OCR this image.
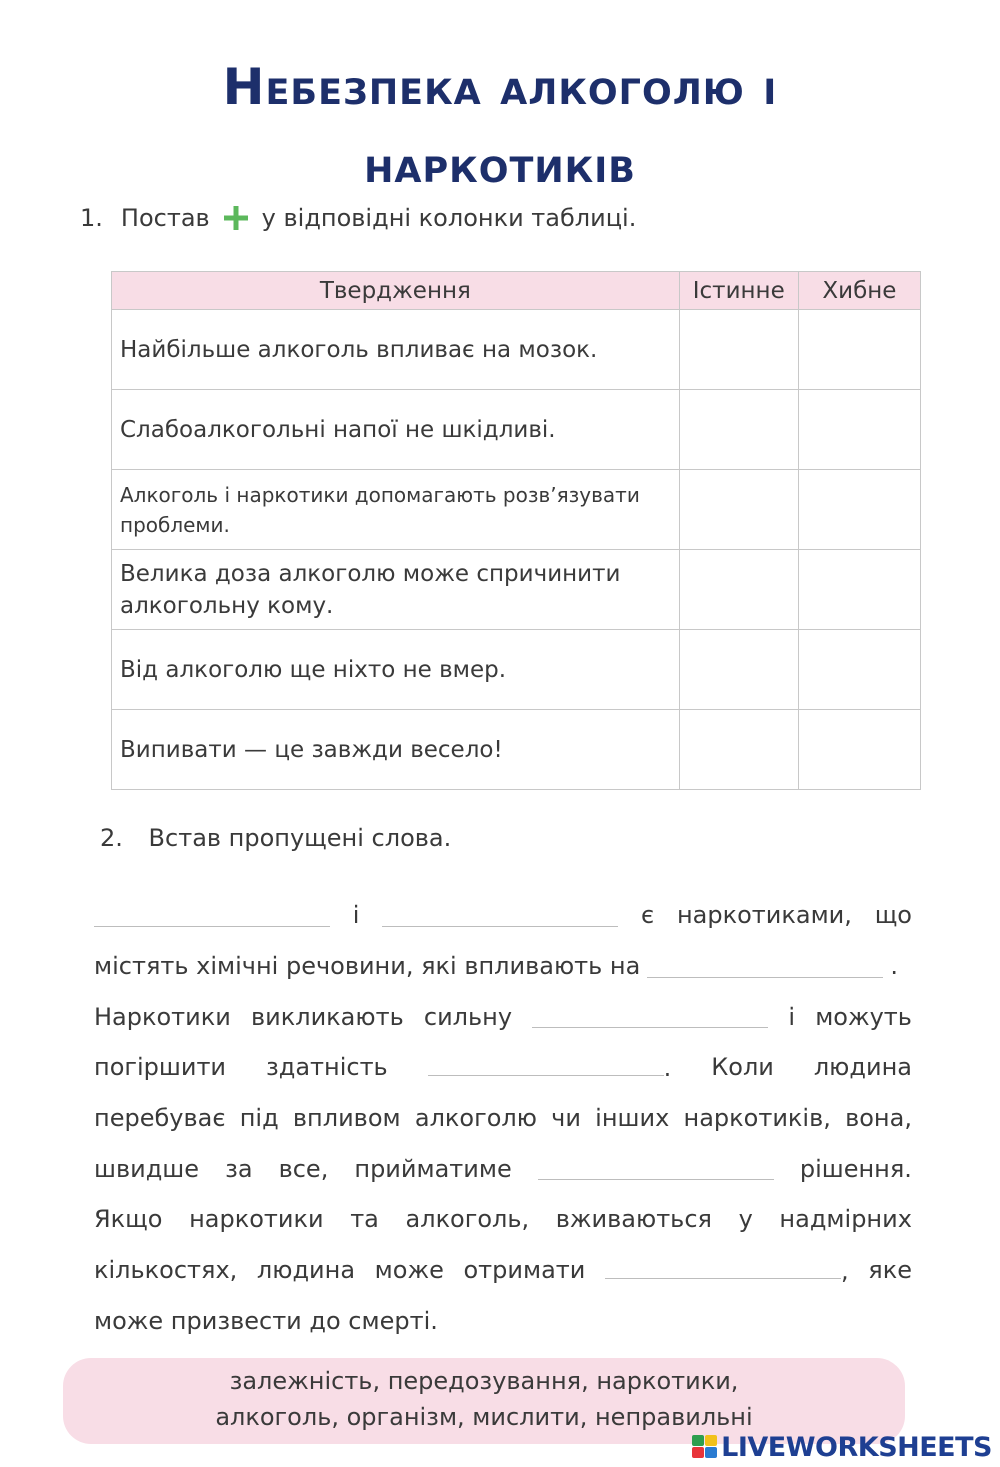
Небезпека алкоголю і
наркотиків
1. Постав у відповідні колонки таблиці.
Твердження	Істинне	Хибне
Найбільше алкоголь впливає на мозок.		
Слабоалкогольні напої не шкідливі.		
Алкоголь і наркотики допомагають розв’язувати проблеми.		
Велика доза алкоголю може спричинити алкогольну кому.		
Від алкоголю ще ніхто не вмер.		
Випивати — це завжди весело!		
2. Встав пропущені слова.
і	є наркотиками, що
містять хімічні речовини, які впливають на	.
Наркотики викликають сильну	і можуть
погіршити здатність	. Коли людина
перебуває під впливом алкоголю чи інших наркотиків, вона,
швидше за все, прийматиме	рішення.
Якщо наркотики та алкоголь, вживаються у надмірних
кількостях, людина може отримати	, яке
може призвести до смерті.
залежність, передозування, наркотики,
алкоголь, організм, мислити, неправильні
LIVEWORKSHEETS
